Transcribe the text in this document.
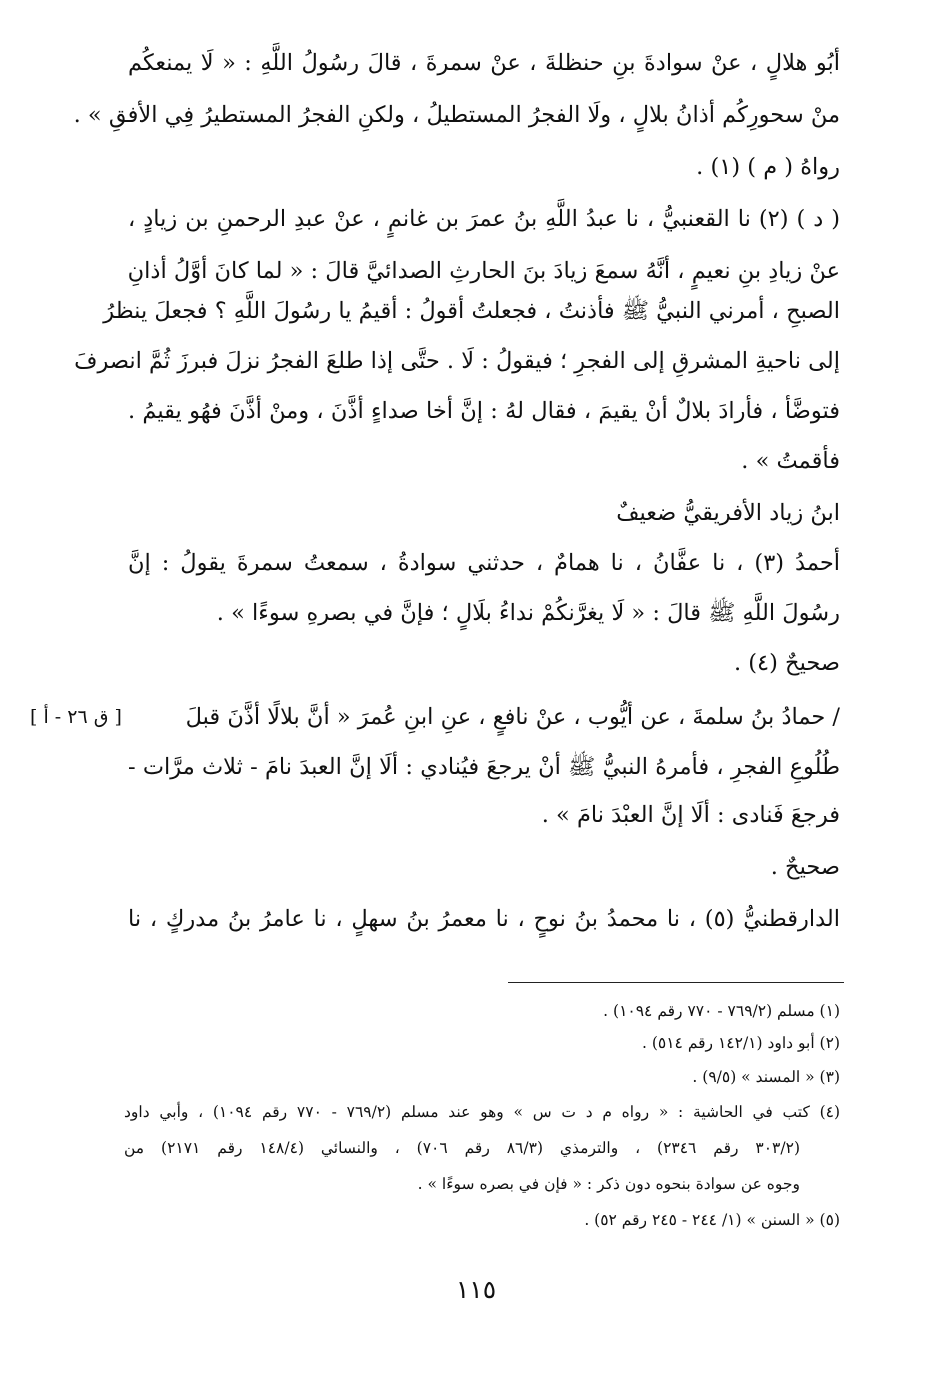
أبُو هلالٍ ، عنْ سوادةَ بنِ حنظلةَ ، عنْ سمرةَ ، قالَ رسُولُ اللَّهِ : « لَا يمنعكُم
منْ سحورِكُم أذانُ بلالٍ ، ولَا الفجرُ المستطيلُ ، ولكنِ الفجرُ المستطيرُ فِي الأفقِ » .
رواهُ ( م ) (١) .
( د ) (٢) نا القعنبيُّ ، نا عبدُ اللَّهِ بنُ عمرَ بن غانمٍ ، عنْ عبدِ الرحمنِ بن زيادٍ ،
عنْ زيادِ بنِ نعيمٍ ، أنَّهُ سمعَ زيادَ بنَ الحارثِ الصدائيَّ قالَ : « لما كانَ أوَّلُ أذانِ
الصبحِ ، أمرني النبيُّ ﷺ فأذنتُ ، فجعلتُ أقولُ : أقيمُ يا رسُولَ اللَّهِ ؟ فجعلَ ينظرُ
إلى ناحيةِ المشرقِ إلى الفجرِ ؛ فيقولُ : لَا . حتَّى إذا طلعَ الفجرُ نزلَ فبرزَ ثُمَّ انصرفَ
فتوضَّأ ، فأرادَ بلالٌ أنْ يقيمَ ، فقال لهُ : إنَّ أخا صداءٍ أذَّنَ ، ومنْ أذَّنَ فهُو يقيمُ .
فأقمتُ » .
ابنُ زياد الأفريقيُّ ضعيفٌ
أحمدُ (٣) ، نا عفَّانُ ، نا همامٌ ، حدثني سوادةُ ، سمعتُ سمرةَ يقولُ : إنَّ
رسُولَ اللَّهِ ﷺ قالَ : « لَا يغرَّنكُمْ نداءُ بلَالٍ ؛ فإنَّ في بصرهِ سوءًا » .
صحيحٌ (٤) .
/ حمادُ بنُ سلمةَ ، عن أيُّوب ، عنْ نافعٍ ، عنِ ابنِ عُمرَ « أنَّ بلالًا أذَّنَ قبلَ
[ ق ٢٦ - أ ]
طُلُوعِ الفجرِ ، فأمرهُ النبيُّ ﷺ أنْ يرجعَ فيُنادي : ألَا إنَّ العبدَ نامَ - ثلاث مرَّات -
فرجعَ فَنادى : ألَا إنَّ العبْدَ نامَ » .
صحيحٌ .
الدارقطنيُّ (٥) ، نا محمدُ بنُ نوحٍ ، نا معمرُ بنُ سهلٍ ، نا عامرُ بنُ مدركٍ ، نا
(١) مسلم (٧٦٩/٢ - ٧٧٠ رقم ١٠٩٤) .
(٢) أبو داود (١٤٢/١ رقم ٥١٤) .
(٣) « المسند » (٩/٥) .
(٤) كتب في الحاشية : « رواه م د ت س » وهو عند مسلم (٧٦٩/٢ - ٧٧٠ رقم ١٠٩٤) ، وأبي داود
(٣٠٣/٢ رقم ٢٣٤٦) ، والترمذي (٨٦/٣ رقم ٧٠٦) ، والنسائي (١٤٨/٤ رقم ٢١٧١) من
وجوه عن سوادة بنحوه دون ذكر : « فإن في بصره سوءًا » .
(٥) « السنن » (١/ ٢٤٤ - ٢٤٥ رقم ٥٢) .
١١٥
